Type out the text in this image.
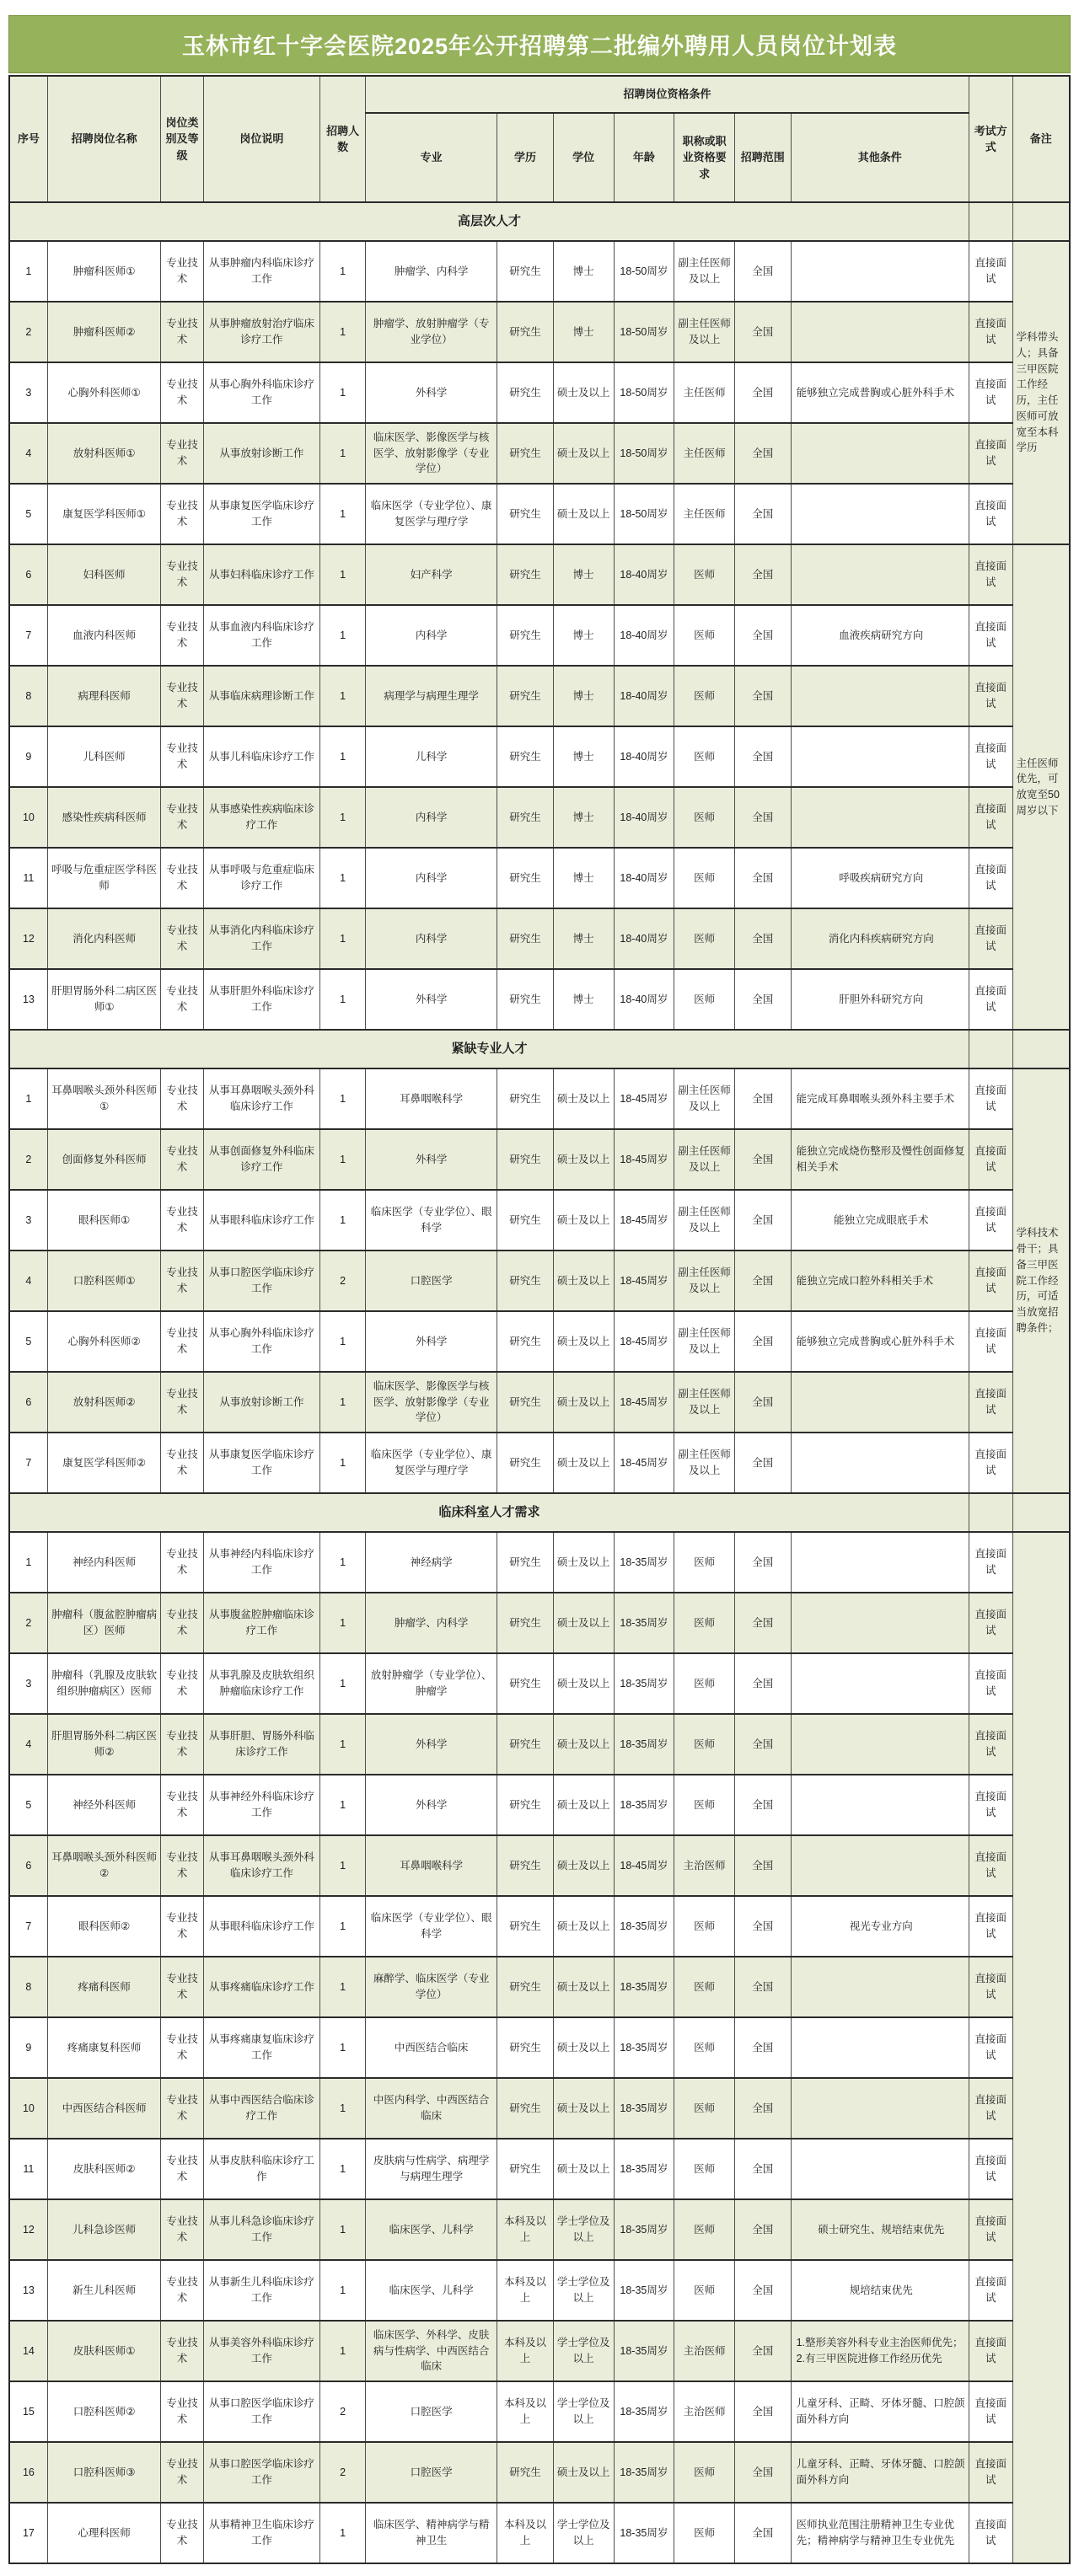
玉林市红十字会医院2025年公开招聘第二批编外聘用人员岗位计划表
序号	招聘岗位名称	岗位类别及等级	岗位说明	招聘人数	招聘岗位资格条件							考试方式	备注
					专业	学历	学位	年龄	职称或职业资格要求	招聘范围	其他条件		
高层次人才													
1	肿瘤科医师①	专业技术	从事肿瘤内科临床诊疗工作	1	肿瘤学、内科学	研究生	博士	18-50周岁	副主任医师及以上	全国		直接面试	学科带头人；具备三甲医院工作经历，主任医师可放宽至本科学历
2	肿瘤科医师②	专业技术	从事肿瘤放射治疗临床诊疗工作	1	肿瘤学、放射肿瘤学（专业学位）	研究生	博士	18-50周岁	副主任医师及以上	全国		直接面试	
3	心胸外科医师①	专业技术	从事心胸外科临床诊疗工作	1	外科学	研究生	硕士及以上	18-50周岁	主任医师	全国	能够独立完成普胸或心脏外科手术	直接面试	
4	放射科医师①	专业技术	从事放射诊断工作	1	临床医学、影像医学与核医学、放射影像学（专业学位）	研究生	硕士及以上	18-50周岁	主任医师	全国		直接面试	
5	康复医学科医师①	专业技术	从事康复医学临床诊疗工作	1	临床医学（专业学位）、康复医学与理疗学	研究生	硕士及以上	18-50周岁	主任医师	全国		直接面试	
6	妇科医师	专业技术	从事妇科临床诊疗工作	1	妇产科学	研究生	博士	18-40周岁	医师	全国		直接面试	主任医师优先，可放宽至50周岁以下
7	血液内科医师	专业技术	从事血液内科临床诊疗工作	1	内科学	研究生	博士	18-40周岁	医师	全国	血液疾病研究方向	直接面试	
8	病理科医师	专业技术	从事临床病理诊断工作	1	病理学与病理生理学	研究生	博士	18-40周岁	医师	全国		直接面试	
9	儿科医师	专业技术	从事儿科临床诊疗工作	1	儿科学	研究生	博士	18-40周岁	医师	全国		直接面试	
10	感染性疾病科医师	专业技术	从事感染性疾病临床诊疗工作	1	内科学	研究生	博士	18-40周岁	医师	全国		直接面试	
11	呼吸与危重症医学科医师	专业技术	从事呼吸与危重症临床诊疗工作	1	内科学	研究生	博士	18-40周岁	医师	全国	呼吸疾病研究方向	直接面试	
12	消化内科医师	专业技术	从事消化内科临床诊疗工作	1	内科学	研究生	博士	18-40周岁	医师	全国	消化内科疾病研究方向	直接面试	
13	肝胆胃肠外科二病区医师①	专业技术	从事肝胆外科临床诊疗工作	1	外科学	研究生	博士	18-40周岁	医师	全国	肝胆外科研究方向	直接面试	
紧缺专业人才													
1	耳鼻咽喉头颈外科医师①	专业技术	从事耳鼻咽喉头颈外科临床诊疗工作	1	耳鼻咽喉科学	研究生	硕士及以上	18-45周岁	副主任医师及以上	全国	能完成耳鼻咽喉头颈外科主要手术	直接面试	学科技术骨干；具备三甲医院工作经历，可适当放宽招聘条件；
2	创面修复外科医师	专业技术	从事创面修复外科临床诊疗工作	1	外科学	研究生	硕士及以上	18-45周岁	副主任医师及以上	全国	能独立完成烧伤整形及慢性创面修复相关手术	直接面试	
3	眼科医师①	专业技术	从事眼科临床诊疗工作	1	临床医学（专业学位）、眼科学	研究生	硕士及以上	18-45周岁	副主任医师及以上	全国	能独立完成眼底手术	直接面试	
4	口腔科医师①	专业技术	从事口腔医学临床诊疗工作	2	口腔医学	研究生	硕士及以上	18-45周岁	副主任医师及以上	全国	能独立完成口腔外科相关手术	直接面试	
5	心胸外科医师②	专业技术	从事心胸外科临床诊疗工作	1	外科学	研究生	硕士及以上	18-45周岁	副主任医师及以上	全国	能够独立完成普胸或心脏外科手术	直接面试	
6	放射科医师②	专业技术	从事放射诊断工作	1	临床医学、影像医学与核医学、放射影像学（专业学位）	研究生	硕士及以上	18-45周岁	副主任医师及以上	全国		直接面试	
7	康复医学科医师②	专业技术	从事康复医学临床诊疗工作	1	临床医学（专业学位）、康复医学与理疗学	研究生	硕士及以上	18-45周岁	副主任医师及以上	全国		直接面试	
临床科室人才需求													
1	神经内科医师	专业技术	从事神经内科临床诊疗工作	1	神经病学	研究生	硕士及以上	18-35周岁	医师	全国		直接面试	
2	肿瘤科（腹盆腔肿瘤病区）医师	专业技术	从事腹盆腔肿瘤临床诊疗工作	1	肿瘤学、内科学	研究生	硕士及以上	18-35周岁	医师	全国		直接面试	
3	肿瘤科（乳腺及皮肤软组织肿瘤病区）医师	专业技术	从事乳腺及皮肤软组织肿瘤临床诊疗工作	1	放射肿瘤学（专业学位）、肿瘤学	研究生	硕士及以上	18-35周岁	医师	全国		直接面试	
4	肝胆胃肠外科二病区医师②	专业技术	从事肝胆、胃肠外科临床诊疗工作	1	外科学	研究生	硕士及以上	18-35周岁	医师	全国		直接面试	
5	神经外科医师	专业技术	从事神经外科临床诊疗工作	1	外科学	研究生	硕士及以上	18-35周岁	医师	全国		直接面试	
6	耳鼻咽喉头颈外科医师②	专业技术	从事耳鼻咽喉头颈外科临床诊疗工作	1	耳鼻咽喉科学	研究生	硕士及以上	18-45周岁	主治医师	全国		直接面试	
7	眼科医师②	专业技术	从事眼科临床诊疗工作	1	临床医学（专业学位）、眼科学	研究生	硕士及以上	18-35周岁	医师	全国	视光专业方向	直接面试	
8	疼痛科医师	专业技术	从事疼痛临床诊疗工作	1	麻醉学、临床医学（专业学位）	研究生	硕士及以上	18-35周岁	医师	全国		直接面试	
9	疼痛康复科医师	专业技术	从事疼痛康复临床诊疗工作	1	中西医结合临床	研究生	硕士及以上	18-35周岁	医师	全国		直接面试	
10	中西医结合科医师	专业技术	从事中西医结合临床诊疗工作	1	中医内科学、中西医结合临床	研究生	硕士及以上	18-35周岁	医师	全国		直接面试	
11	皮肤科医师②	专业技术	从事皮肤科临床诊疗工作	1	皮肤病与性病学、病理学与病理生理学	研究生	硕士及以上	18-35周岁	医师	全国		直接面试	
12	儿科急诊医师	专业技术	从事儿科急诊临床诊疗工作	1	临床医学、儿科学	本科及以上	学士学位及以上	18-35周岁	医师	全国	硕士研究生、规培结束优先	直接面试	
13	新生儿科医师	专业技术	从事新生儿科临床诊疗工作	1	临床医学、儿科学	本科及以上	学士学位及以上	18-35周岁	医师	全国	规培结束优先	直接面试	
14	皮肤科医师①	专业技术	从事美容外科临床诊疗工作	1	临床医学、外科学、皮肤病与性病学、中西医结合临床	本科及以上	学士学位及以上	18-35周岁	主治医师	全国	1.整形美容外科专业主治医师优先；2.有三甲医院进修工作经历优先	直接面试	
15	口腔科医师②	专业技术	从事口腔医学临床诊疗工作	2	口腔医学	本科及以上	学士学位及以上	18-35周岁	主治医师	全国	儿童牙科、正畸、牙体牙髓、口腔颌面外科方向	直接面试	
16	口腔科医师③	专业技术	从事口腔医学临床诊疗工作	2	口腔医学	研究生	硕士及以上	18-35周岁	医师	全国	儿童牙科、正畸、牙体牙髓、口腔颌面外科方向	直接面试	
17	心理科医师	专业技术	从事精神卫生临床诊疗工作	1	临床医学、精神病学与精神卫生	本科及以上	学士学位及以上	18-35周岁	医师	全国	医师执业范围注册精神卫生专业优先；精神病学与精神卫生专业优先	直接面试	
